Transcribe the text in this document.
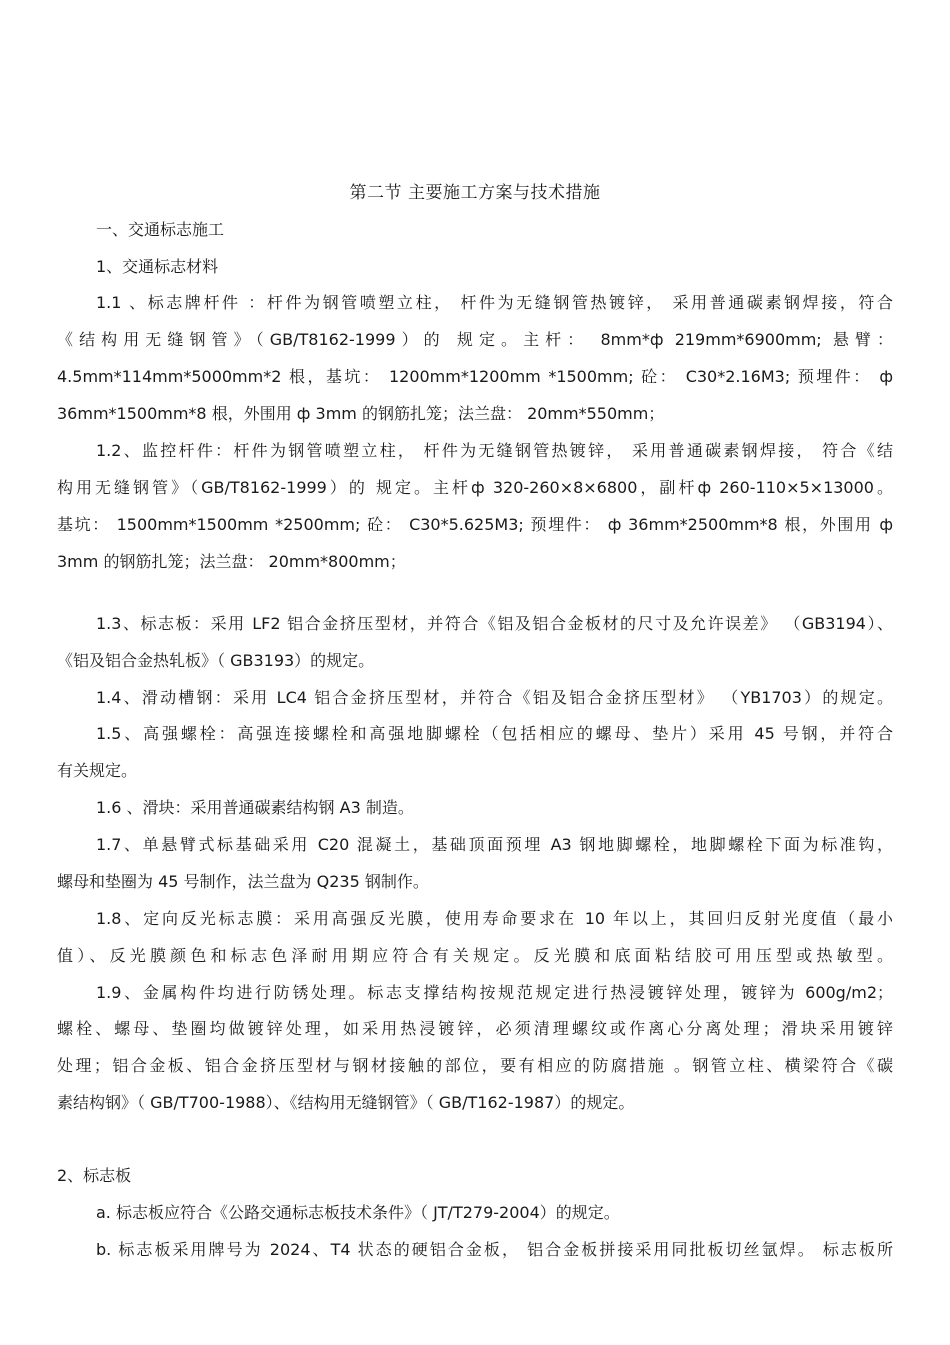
第二节 主要施工方案与技术措施
一、交通标志施工
1、交通标志材料
1.1 、标志牌杆件 ：杆件为钢管喷塑立柱， 杆件为无缝钢管热镀锌， 采用普通碳素钢焊接，符合
《结构用无缝钢管》（GB/T8162-1999）的 规定。主杆： 8mm*ф 219mm*6900mm; 悬臂：
4.5mm*114mm*5000mm*2 根，基坑： 1200mm*1200mm *1500mm; 砼： C30*2.16M3; 预埋件： ф
36mm*1500mm*8 根，外围用 ф 3mm 的钢筋扎笼；法兰盘： 20mm*550mm；
1.2、监控杆件：杆件为钢管喷塑立柱， 杆件为无缝钢管热镀锌， 采用普通碳素钢焊接， 符合《结
构用无缝钢管》（GB/T8162-1999）的 规定。主杆ф 320-260×8×6800，副杆ф 260-110×5×13000。
基坑： 1500mm*1500mm *2500mm; 砼： C30*5.625M3; 预埋件： ф 36mm*2500mm*8 根，外围用 ф
3mm 的钢筋扎笼；法兰盘： 20mm*800mm；
1.3、标志板：采用 LF2 铝合金挤压型材，并符合《铝及铝合金板材的尺寸及允许误差》 （GB3194）、
《铝及铝合金热轧板》（ GB3193）的规定。
1.4、滑动槽钢：采用 LC4 铝合金挤压型材，并符合《铝及铝合金挤压型材》 （YB1703）的规定。
1.5、高强螺栓：高强连接螺栓和高强地脚螺栓（包括相应的螺母、垫片）采用 45 号钢，并符合
有关规定。
1.6 、滑块：采用普通碳素结构钢 A3 制造。
1.7、单悬臂式标基础采用 C20 混凝土，基础顶面预埋 A3 钢地脚螺栓，地脚螺栓下面为标准钩，
螺母和垫圈为 45 号制作，法兰盘为 Q235 钢制作。
1.8、定向反光标志膜：采用高强反光膜，使用寿命要求在 10 年以上，其回归反射光度值（最小
值）、反光膜颜色和标志色泽耐用期应符合有关规定。反光膜和底面粘结胶可用压型或热敏型。
1.9、金属构件均进行防锈处理。标志支撑结构按规范规定进行热浸镀锌处理，镀锌为 600g/m2；
螺栓、螺母、垫圈均做镀锌处理，如采用热浸镀锌，必须清理螺纹或作离心分离处理；滑块采用镀锌
处理；铝合金板、铝合金挤压型材与钢材接触的部位，要有相应的防腐措施 。钢管立柱、横梁符合《碳
素结构钢》（ GB/T700-1988）、《结构用无缝钢管》（ GB/T162-1987）的规定。
2、标志板
a. 标志板应符合《公路交通标志板技术条件》（ JT/T279-2004）的规定。
b. 标志板采用牌号为 2024、T4 状态的硬铝合金板， 铝合金板拼接采用同批板切丝氩焊。 标志板所
